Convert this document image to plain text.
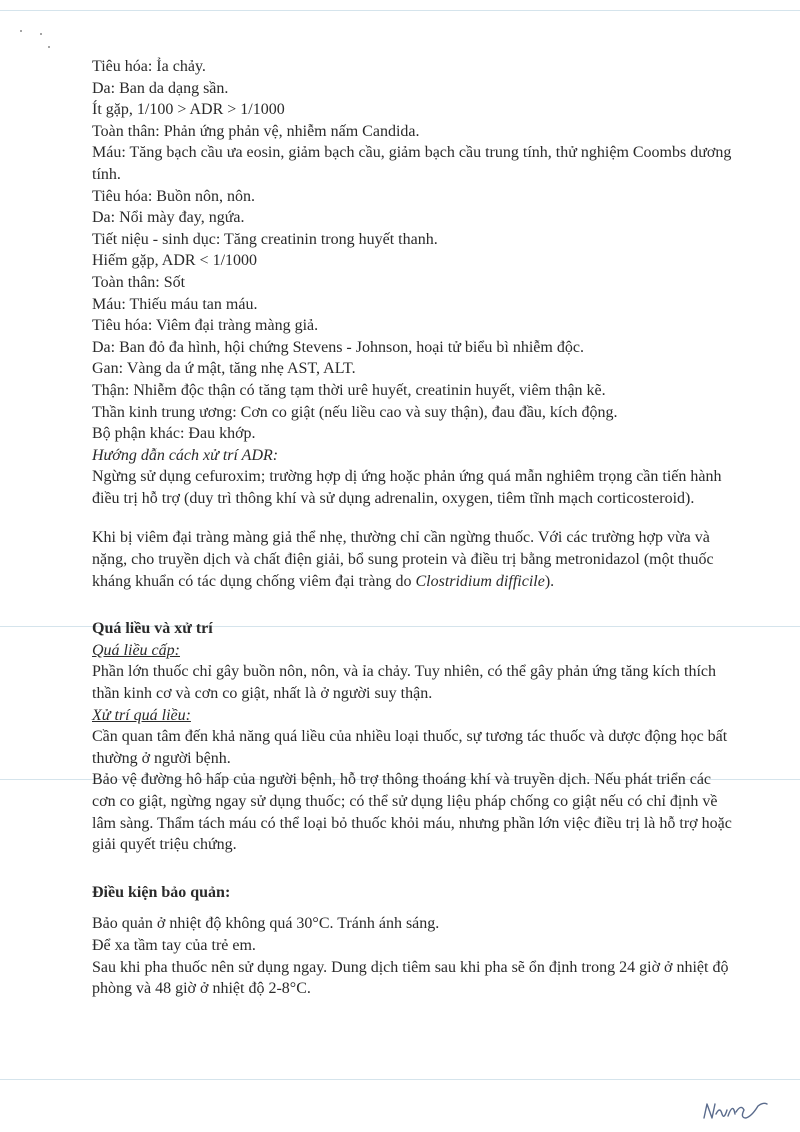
Tiêu hóa: Ỉa chảy.
Da: Ban da dạng sần.
Ít gặp, 1/100 > ADR > 1/1000
Toàn thân: Phản ứng phản vệ, nhiễm nấm Candida.
Máu: Tăng bạch cầu ưa eosin, giảm bạch cầu, giảm bạch cầu trung tính, thử nghiệm Coombs dương tính.
Tiêu hóa: Buồn nôn, nôn.
Da: Nổi mày đay, ngứa.
Tiết niệu - sinh dục: Tăng creatinin trong huyết thanh.
Hiếm gặp, ADR < 1/1000
Toàn thân: Sốt
Máu: Thiếu máu tan máu.
Tiêu hóa: Viêm đại tràng màng giả.
Da: Ban đỏ đa hình, hội chứng Stevens - Johnson, hoại tử biểu bì nhiễm độc.
Gan: Vàng da ứ mật, tăng nhẹ AST, ALT.
Thận: Nhiễm độc thận có tăng tạm thời urê huyết, creatinin huyết, viêm thận kẽ.
Thần kinh trung ương: Cơn co giật (nếu liều cao và suy thận), đau đầu, kích động.
Bộ phận khác: Đau khớp.
Hướng dẫn cách xử trí ADR:
Ngừng sử dụng cefuroxim; trường hợp dị ứng hoặc phản ứng quá mẫn nghiêm trọng cần tiến hành điều trị hỗ trợ (duy trì thông khí và sử dụng adrenalin, oxygen, tiêm tĩnh mạch corticosteroid).

Khi bị viêm đại tràng màng giả thể nhẹ, thường chỉ cần ngừng thuốc. Với các trường hợp vừa và nặng, cho truyền dịch và chất điện giải, bổ sung protein và điều trị bằng metronidazol (một thuốc kháng khuẩn có tác dụng chống viêm đại tràng do Clostridium difficile).

Quá liều và xử trí
Quá liều cấp:
Phần lớn thuốc chỉ gây buồn nôn, nôn, và ỉa chảy. Tuy nhiên, có thể gây phản ứng tăng kích thích thần kinh cơ và cơn co giật, nhất là ở người suy thận.
Xử trí quá liều:
Cần quan tâm đến khả năng quá liều của nhiều loại thuốc, sự tương tác thuốc và dược động học bất thường ở người bệnh.
Bảo vệ đường hô hấp của người bệnh, hỗ trợ thông thoáng khí và truyền dịch. Nếu phát triển các cơn co giật, ngừng ngay sử dụng thuốc; có thể sử dụng liệu pháp chống co giật nếu có chỉ định về lâm sàng. Thẩm tách máu có thể loại bỏ thuốc khỏi máu, nhưng phần lớn việc điều trị là hỗ trợ hoặc giải quyết triệu chứng.
Điều kiện bảo quản:
Bảo quản ở nhiệt độ không quá 30°C. Tránh ánh sáng.
Để xa tầm tay của trẻ em.
Sau khi pha thuốc nên sử dụng ngay. Dung dịch tiêm sau khi pha sẽ ổn định trong 24 giờ ở nhiệt độ phòng và 48 giờ ở nhiệt độ 2-8°C.
